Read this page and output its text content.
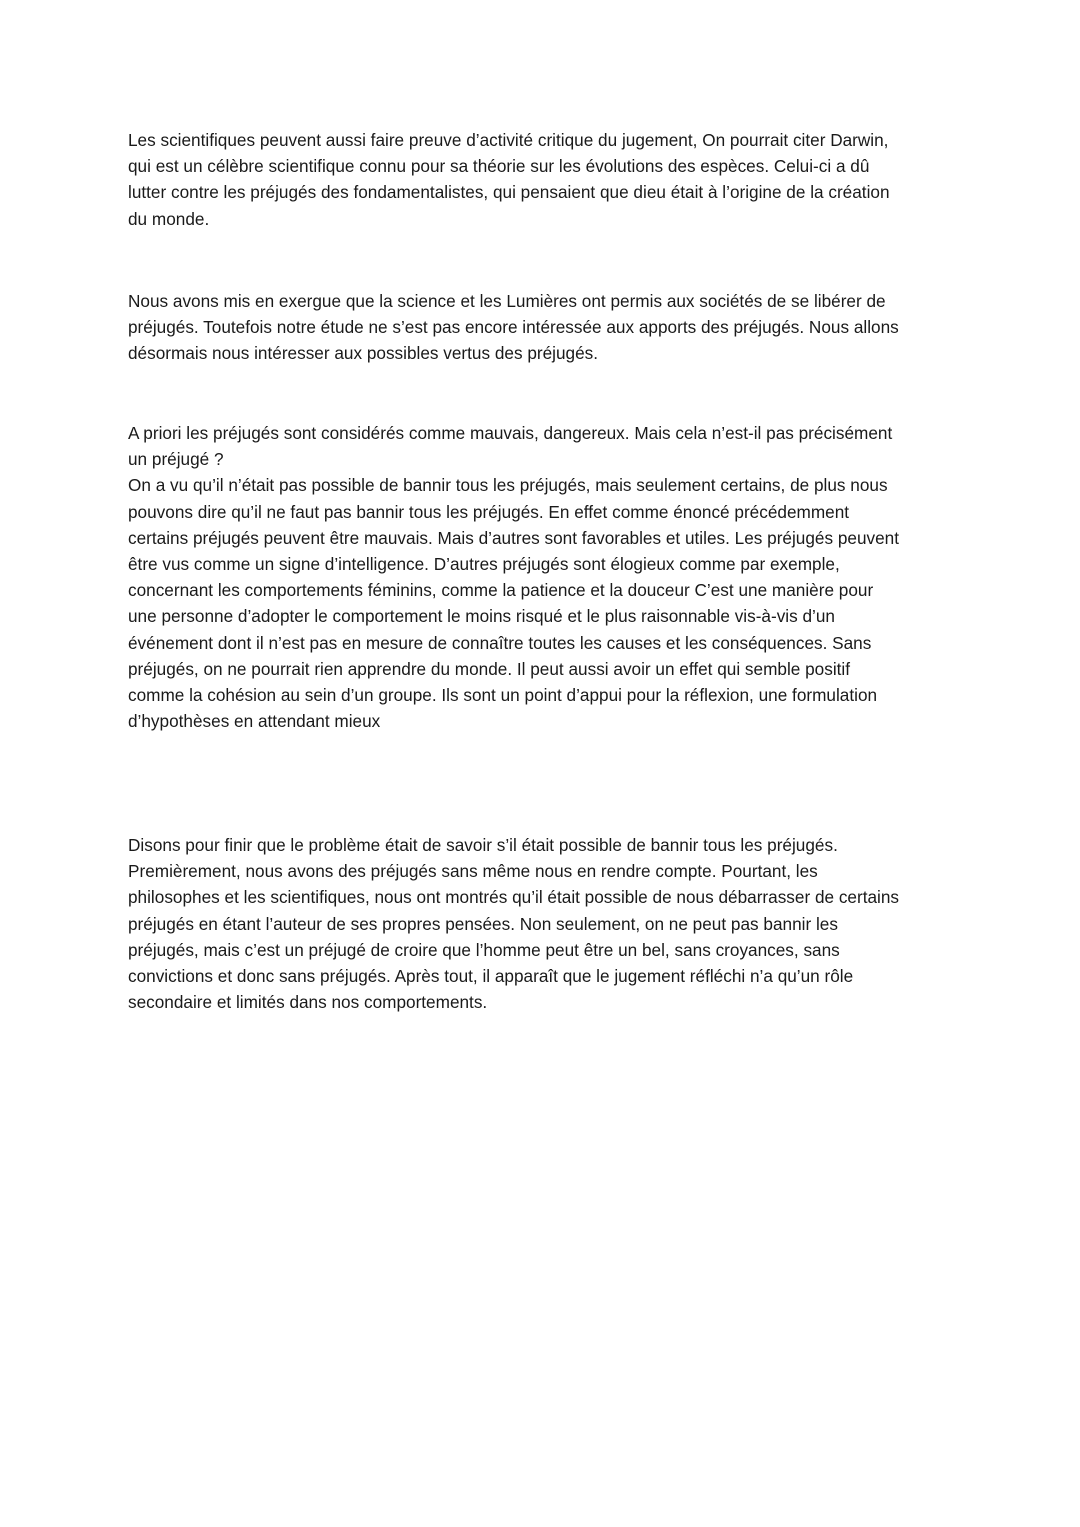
Les scientifiques peuvent aussi faire preuve d’activité critique du jugement, On pourrait citer Darwin,
qui est un célèbre scientifique connu pour sa théorie sur les évolutions des espèces. Celui-ci a dû
lutter contre les préjugés des fondamentalistes, qui pensaient que dieu était à l’origine de la création
du monde.

Nous avons mis en exergue que la science et les Lumières ont permis aux sociétés de se libérer de
préjugés. Toutefois notre étude ne s’est pas encore intéressée aux apports des préjugés. Nous allons
désormais nous intéresser aux possibles vertus des préjugés.

A priori les préjugés sont considérés comme mauvais, dangereux. Mais cela n’est-il pas précisément
un préjugé ?
On a vu qu’il n’était pas possible de bannir tous les préjugés, mais seulement certains, de plus nous
pouvons dire qu’il ne faut pas bannir tous les préjugés. En effet comme énoncé précédemment
certains préjugés peuvent être mauvais. Mais d’autres sont favorables et utiles. Les préjugés peuvent
être vus comme un signe d’intelligence. D’autres préjugés sont élogieux comme par exemple,
concernant les comportements féminins, comme la patience et la douceur C’est une manière pour
une personne d’adopter le comportement le moins risqué et le plus raisonnable vis-à-vis d’un
événement dont il n’est pas en mesure de connaître toutes les causes et les conséquences. Sans
préjugés, on ne pourrait rien apprendre du monde. Il peut aussi avoir un effet qui semble positif
comme la cohésion au sein d’un groupe. Ils sont un point d’appui pour la réflexion, une formulation
d’hypothèses en attendant mieux

Disons pour finir que le problème était de savoir s’il était possible de bannir tous les préjugés.
Premièrement, nous avons des préjugés sans même nous en rendre compte. Pourtant, les
philosophes et les scientifiques, nous ont montrés qu’il était possible de nous débarrasser de certains
préjugés en étant l’auteur de ses propres pensées. Non seulement, on ne peut pas bannir les
préjugés, mais c’est un préjugé de croire que l’homme peut être un bel, sans croyances, sans
convictions et donc sans préjugés. Après tout, il apparaît que le jugement réfléchi n’a qu’un rôle
secondaire et limités dans nos comportements.
